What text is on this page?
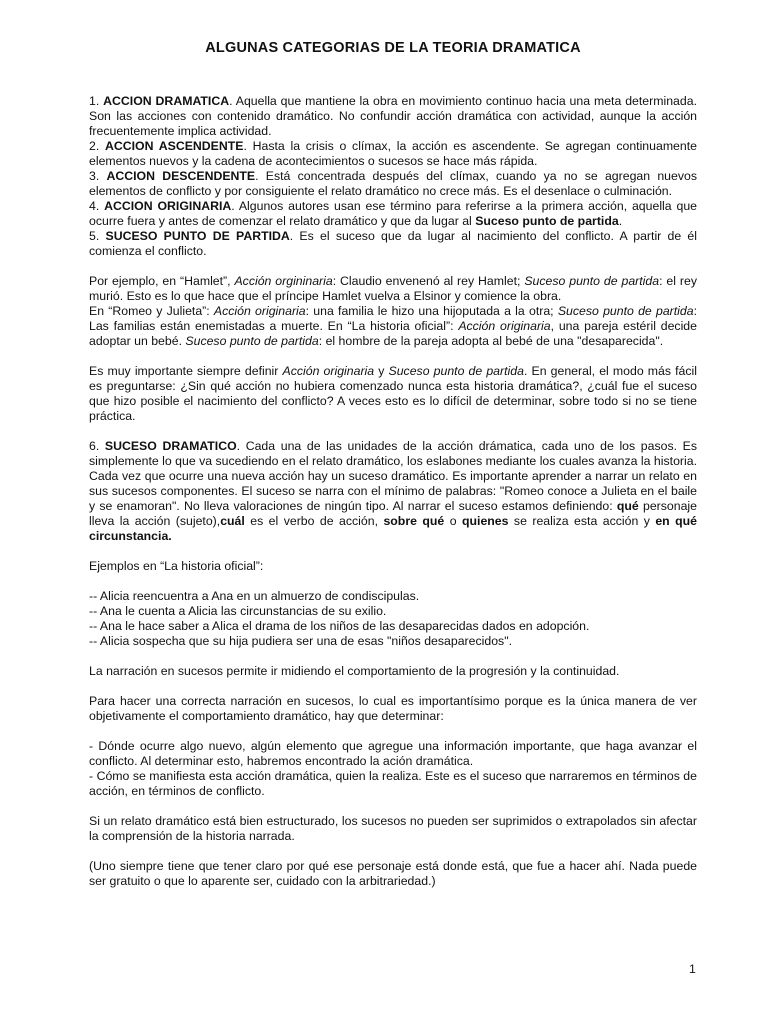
ALGUNAS CATEGORIAS DE LA TEORIA DRAMATICA

1. ACCION DRAMATICA. Aquella que mantiene la obra en movimiento continuo hacia una meta determinada. Son las acciones con contenido dramático. No confundir acción dramática con actividad, aunque la acción frecuentemente implica actividad.

2. ACCION ASCENDENTE. Hasta la crisis o clímax, la acción es ascendente. Se agregan continuamente elementos nuevos y la cadena de acontecimientos o sucesos se hace más rápida.

3. ACCION DESCENDENTE. Está concentrada después del clímax, cuando ya no se agregan nuevos elementos de conflicto y por consiguiente el relato dramático no crece más. Es el desenlace o culminación.

4. ACCION ORIGINARIA. Algunos autores usan ese término para referirse a la primera acción, aquella que ocurre fuera y antes de comenzar el relato dramático y que da lugar al Suceso punto de partida.

5. SUCESO PUNTO DE PARTIDA. Es el suceso que da lugar al nacimiento del conflicto. A partir de él comienza el conflicto.

Por ejemplo, en “Hamlet”, Acción orgininaria: Claudio envenenó al rey Hamlet; Suceso punto de partida: el rey murió. Esto es lo que hace que el príncipe Hamlet vuelva a Elsinor y comience la obra.

En “Romeo y Julieta”: Acción originaria: una familia le hizo una hijoputada a la otra; Suceso punto de partida: Las familias están enemistadas a muerte. En “La historia oficial”: Acción originaria, una pareja estéril decide adoptar un bebé. Suceso punto de partida: el hombre de la pareja adopta al bebé de una "desaparecida".

Es muy importante siempre definir Acción originaria y Suceso punto de partida. En general, el modo más fácil es preguntarse: ¿Sin qué acción no hubiera comenzado nunca esta historia dramática?, ¿cuál fue el suceso que hizo posible el nacimiento del conflicto? A veces esto es lo difícil de determinar, sobre todo si no se tiene práctica.

6. SUCESO DRAMATICO. Cada una de las unidades de la acción drámatica, cada uno de los pasos. Es simplemente lo que va sucediendo en el relato dramático, los eslabones mediante los cuales avanza la historia. Cada vez que ocurre una nueva acción hay un suceso dramático. Es importante aprender a narrar un relato en sus sucesos componentes. El suceso se narra con el mínimo de palabras: "Romeo conoce a Julieta en el baile y se enamoran". No lleva valoraciones de ningún tipo. Al narrar el suceso estamos definiendo: qué personaje lleva la acción (sujeto),cuál es el verbo de acción, sobre qué o quienes se realiza esta acción y en qué circunstancia.

Ejemplos en “La historia oficial”:

-- Alicia reencuentra a Ana en un almuerzo de condiscipulas.

-- Ana le cuenta a Alicia las circunstancias de su exilio.

-- Ana le hace saber a Alica el drama de los niños de las desaparecidas dados en adopción.

-- Alicia sospecha que su hija pudiera ser una de esas "niños desaparecidos".

La narración en sucesos permite ir midiendo el comportamiento de la progresión y la continuidad.

Para hacer una correcta narración en sucesos, lo cual es importantísimo porque es la única manera de ver objetivamente el comportamiento dramático, hay que determinar:

- Dónde ocurre algo nuevo, algún elemento que agregue una información importante, que haga avanzar el conflicto. Al determinar esto, habremos encontrado la ación dramática.

- Cómo se manifiesta esta acción dramática, quien la realiza. Este es el suceso que narraremos en términos de acción, en términos de conflicto.

Si un relato dramático está bien estructurado, los sucesos no pueden ser suprimidos o extrapolados sin afectar la comprensión de la historia narrada.

(Uno siempre tiene que tener claro por qué ese personaje está donde está, que fue a hacer ahí. Nada puede ser gratuito o que lo aparente ser, cuidado con la arbitrariedad.)

1
